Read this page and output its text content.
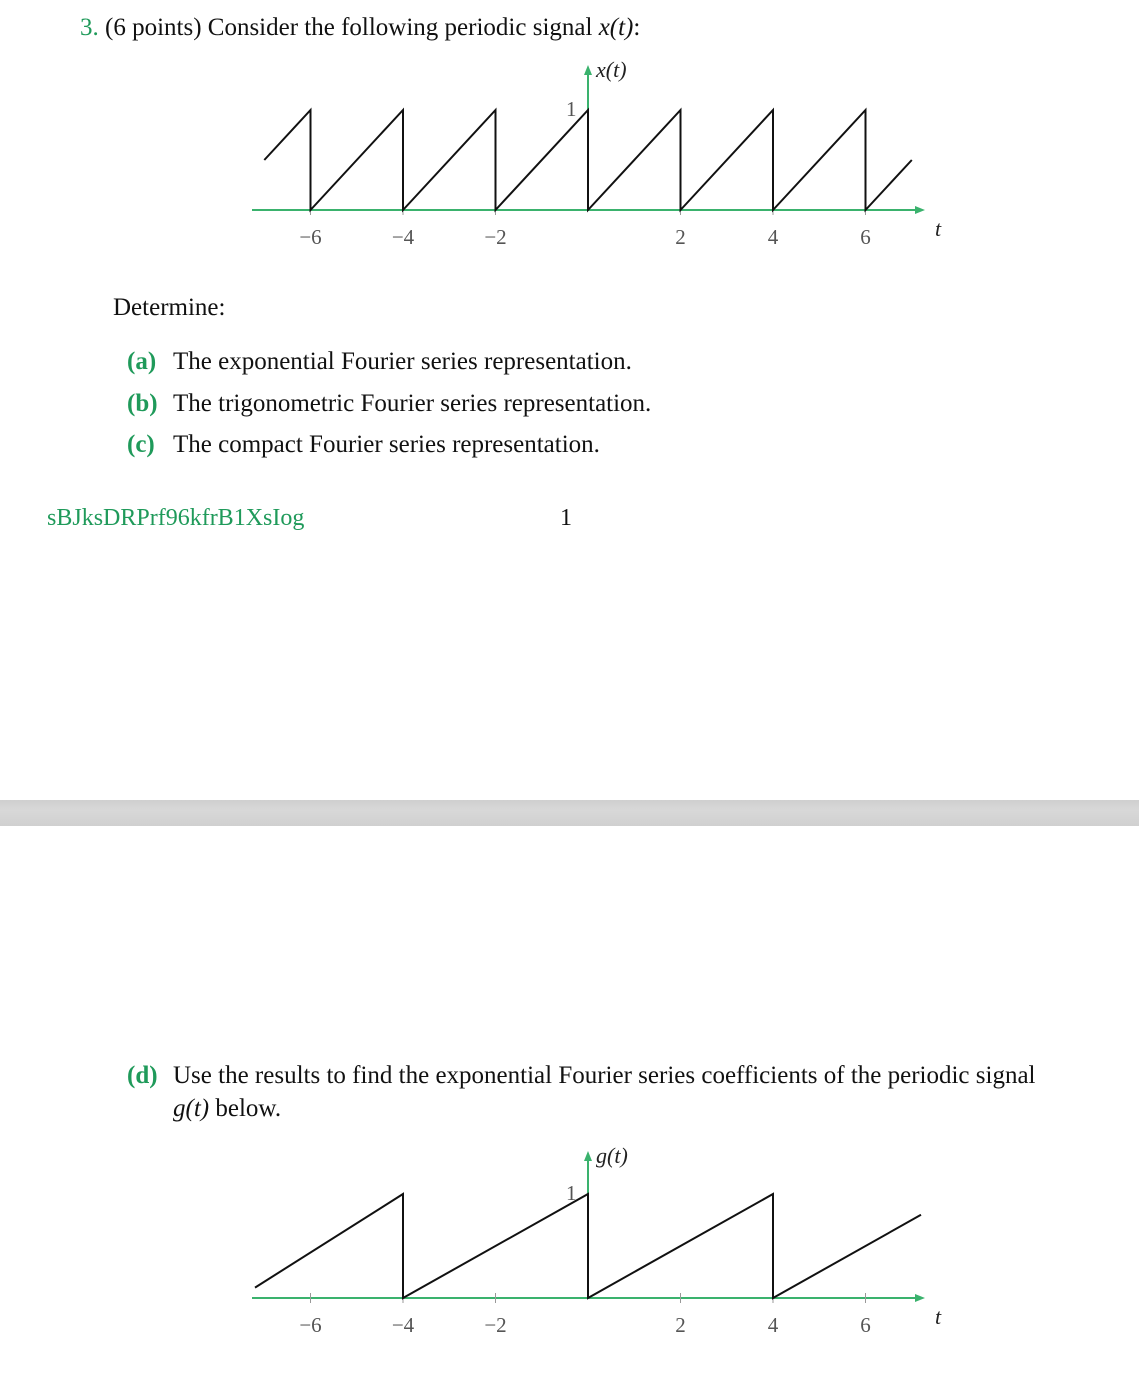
3. (6 points) Consider the following periodic signal x(t):
−6	−4	−2	2	4	6
1
x(t)
t
Determine:
(a) The exponential Fourier series representation.
(b) The trigonometric Fourier series representation.
(c) The compact Fourier series representation.
sBJksDRPrf96kfrB1XsIog	1
(d) Use the results to find the exponential Fourier series coefficients of the periodic signal
g(t) below.
−6	−4	−2	2	4	6
1
g(t)
t
